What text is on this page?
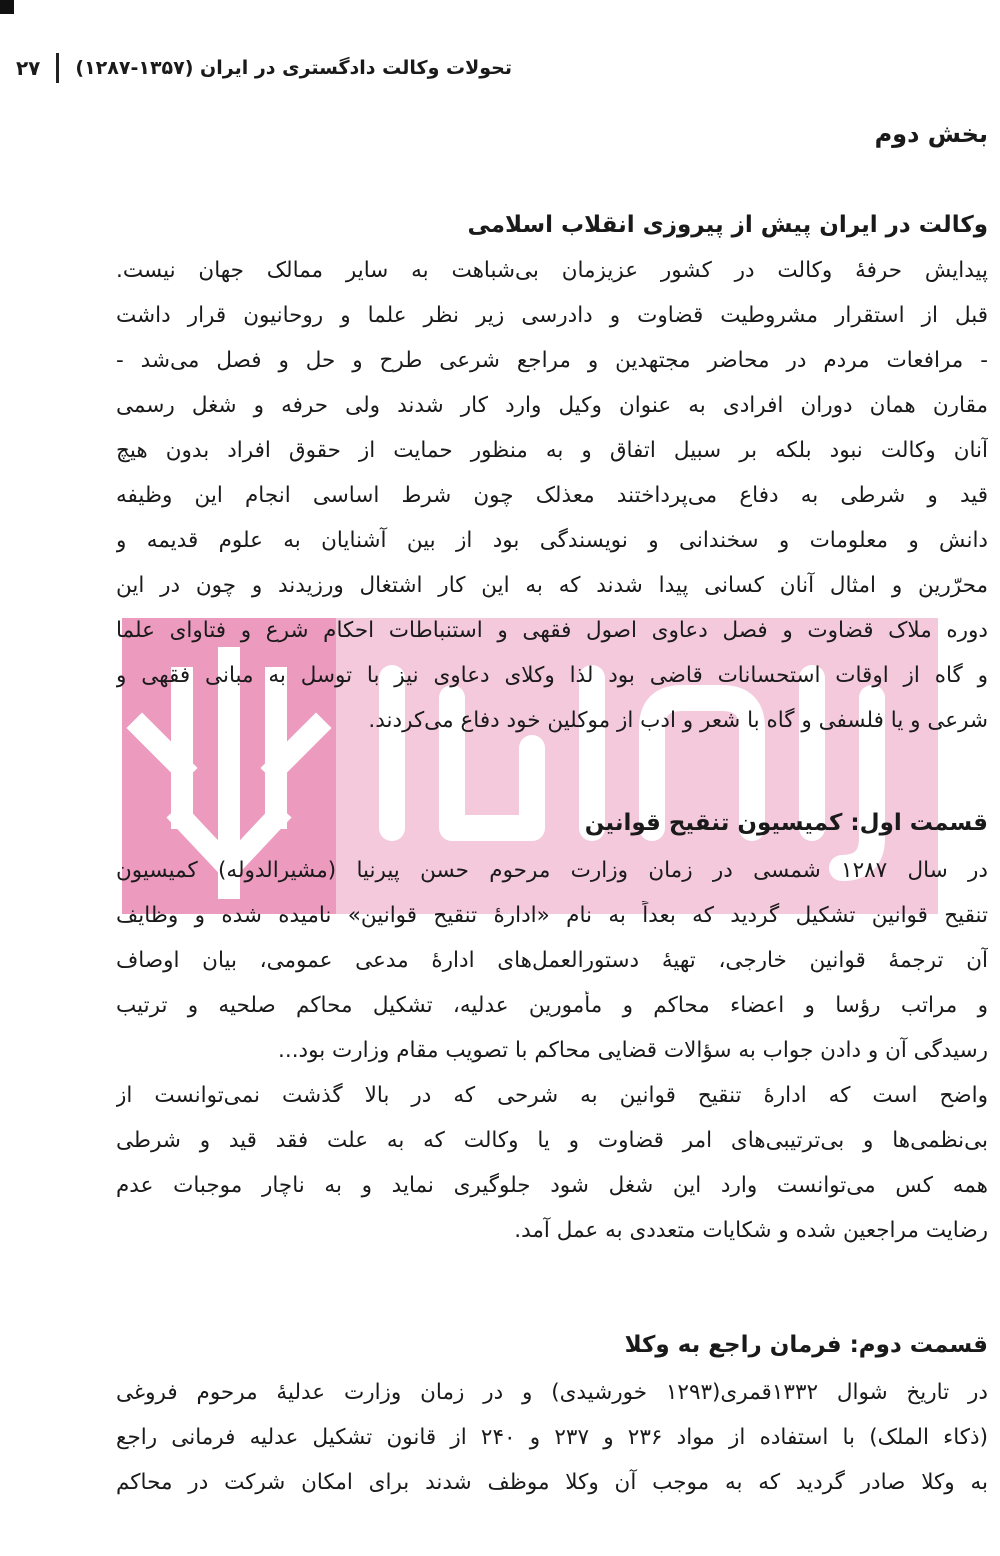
تحولات وکالت دادگستری در ایران (۱۳۵۷-۱۲۸۷)
۲۷
بخش دوم
وکالت در ایران پیش از پیروزی انقلاب اسلامی
پیدایش حرفهٔ وکالت در کشور عزیزمان بی‌شباهت به سایر ممالک جهان نیست.
قبل از استقرار مشروطیت قضاوت و دادرسی زیر نظر علما و روحانیون قرار داشت
- مرافعات مردم در محاضر مجتهدین و مراجع شرعی طرح و حل و فصل می‌شد -
مقارن همان دوران افرادی به عنوان وکیل وارد کار شدند ولی حرفه و شغل رسمی
آنان وکالت نبود بلکه بر سبیل اتفاق و به منظور حمایت از حقوق افراد بدون هیچ
قید و شرطی به دفاع می‌پرداختند معذلک چون شرط اساسی انجام این وظیفه
دانش و معلومات و سخندانی و نویسندگی بود از بین آشنایان به علوم قدیمه و
محرّرین و امثال آنان کسانی پیدا شدند که به این کار اشتغال ورزیدند و چون در این
دوره ملاک قضاوت و فصل دعاوی اصول فقهی و استنباطات احکام شرع و فتاوای علما
و گاه از اوقات استحسانات قاضی بود لذا وکلای دعاوی نیز با توسل به مبانی فقهی و
شرعی و یا فلسفی و گاه با شعر و ادب از موکلین خود دفاع می‌کردند.
قسمت اول: کمیسیون تنقیح قوانین
در سال ۱۲۸۷ شمسی در زمان وزارت مرحوم حسن پیرنیا (مشیرالدوله) کمیسیون
تنقیح قوانین تشکیل گردید که بعداً به نام «ادارهٔ تنقیح قوانین» نامیده شده و وظایف
آن ترجمهٔ قوانین خارجی، تهیهٔ دستورالعمل‌های ادارهٔ مدعی عمومی، بیان اوصاف
و مراتب رؤسا و اعضاء محاکم و مأمورین عدلیه، تشکیل محاکم صلحیه و ترتیب
رسیدگی آن و دادن جواب به سؤالات قضایی محاکم با تصویب مقام وزارت بود...
واضح است که ادارهٔ تنقیح قوانین به شرحی که در بالا گذشت نمی‌توانست از
بی‌نظمی‌ها و بی‌ترتیبی‌های امر قضاوت و یا وکالت که به علت فقد قید و شرطی
همه کس می‌توانست وارد این شغل شود جلوگیری نماید و به ناچار موجبات عدم
رضایت مراجعین شده و شکایات متعددی به عمل آمد.
قسمت دوم: فرمان راجع به وکلا
در تاریخ شوال ۱۳۳۲قمری(۱۲۹۳ خورشیدی) و در زمان وزارت عدلیهٔ مرحوم فروغی
(ذکاء الملک) با استفاده از مواد ۲۳۶ و ۲۳۷ و ۲۴۰ از قانون تشکیل عدلیه فرمانی راجع
به وکلا صادر گردید که به موجب آن وکلا موظف شدند برای امکان شرکت در محاکم
